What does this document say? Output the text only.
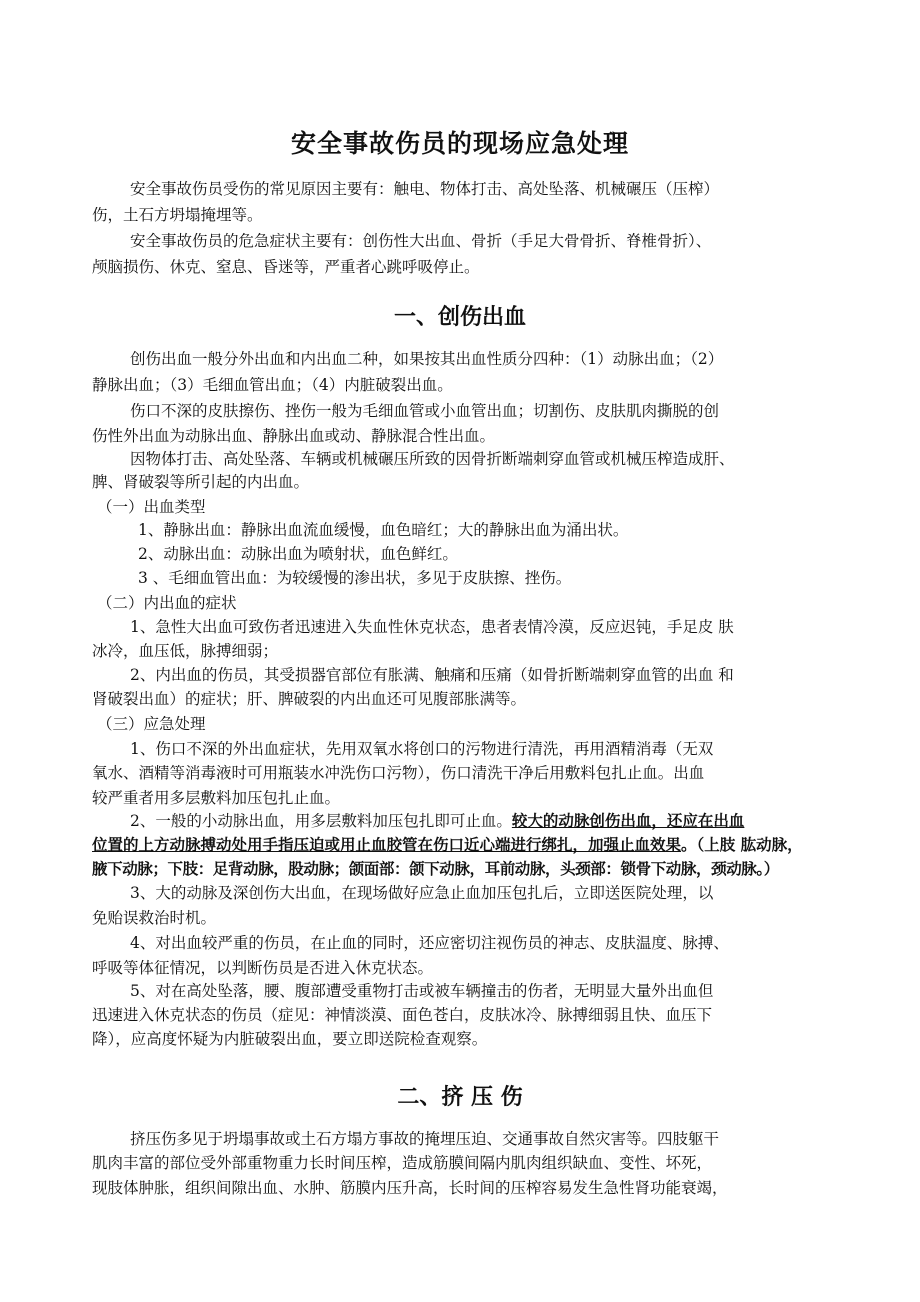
安全事故伤员的现场应急处理
安全事故伤员受伤的常见原因主要有：触电、物体打击、高处坠落、机械碾压（压榨）
伤，土石方坍塌掩埋等。
安全事故伤员的危急症状主要有：创伤性大出血、骨折（手足大骨骨折、脊椎骨折）、
颅脑损伤、休克、窒息、昏迷等，严重者心跳呼吸停止。
一、创伤出血
创伤出血一般分外出血和内出血二种，如果按其出血性质分四种：（1）动脉出血；（2）
静脉出血；（3）毛细血管出血；（4）内脏破裂出血。
伤口不深的皮肤擦伤、挫伤一般为毛细血管或小血管出血；切割伤、皮肤肌肉撕脱的创
伤性外出血为动脉出血、静脉出血或动、静脉混合性出血。
因物体打击、高处坠落、车辆或机械碾压所致的因骨折断端刺穿血管或机械压榨造成肝、
脾、肾破裂等所引起的内出血。
（一）出血类型
1、静脉出血：静脉出血流血缓慢，血色暗红；大的静脉出血为涌出状。
2、动脉出血：动脉出血为喷射状，血色鲜红。
3 、毛细血管出血：为较缓慢的渗出状，多见于皮肤擦、挫伤。
（二）内出血的症状
1、急性大出血可致伤者迅速进入失血性休克状态，患者表情冷漠，反应迟钝，手足皮 肤
冰冷，血压低，脉搏细弱；
2、内出血的伤员，其受损器官部位有胀满、触痛和压痛（如骨折断端刺穿血管的出血 和
肾破裂出血）的症状；肝、脾破裂的内出血还可见腹部胀满等。
（三）应急处理
1、伤口不深的外出血症状，先用双氧水将创口的污物进行清洗，再用酒精消毒（无双
氧水、酒精等消毒液时可用瓶装水冲洗伤口污物），伤口清洗干净后用敷料包扎止血。出血
较严重者用多层敷料加压包扎止血。
2、一般的小动脉出血，用多层敷料加压包扎即可止血。较大的动脉创伤出血，还应在出血
位置的上方动脉搏动处用手指压迫或用止血胶管在伤口近心端进行绑扎，加强止血效果。（上肢 肱动脉，
腋下动脉；下肢：足背动脉，股动脉；颌面部：颌下动脉，耳前动脉，头颈部：锁骨下动脉，颈动脉。）
3、大的动脉及深创伤大出血，在现场做好应急止血加压包扎后，立即送医院处理，以
免贻误救治时机。
4、对出血较严重的伤员，在止血的同时，还应密切注视伤员的神志、皮肤温度、脉搏、
呼吸等体征情况，以判断伤员是否进入休克状态。
5、对在高处坠落，腰、腹部遭受重物打击或被车辆撞击的伤者，无明显大量外出血但
迅速进入休克状态的伤员（症见：神情淡漠、面色苍白，皮肤冰冷、脉搏细弱且快、血压下
降），应高度怀疑为内脏破裂出血，要立即送院检查观察。
二、挤 压 伤
挤压伤多见于坍塌事故或土石方塌方事故的掩埋压迫、交通事故自然灾害等。四肢躯干
肌肉丰富的部位受外部重物重力长时间压榨，造成筋膜间隔内肌肉组织缺血、变性、坏死，
现肢体肿胀，组织间隙出血、水肿、筋膜内压升高，长时间的压榨容易发生急性肾功能衰竭，
